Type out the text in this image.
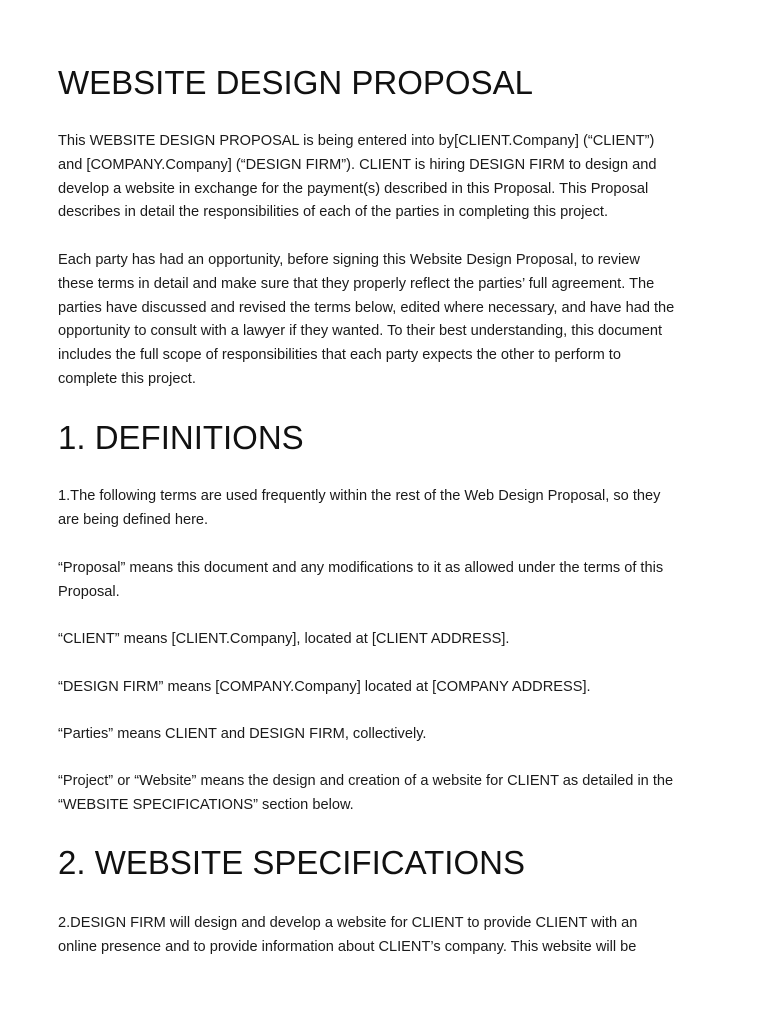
WEBSITE DESIGN PROPOSAL

This WEBSITE DESIGN PROPOSAL is being entered into by[CLIENT.Company] (“CLIENT”)
and [COMPANY.Company] (“DESIGN FIRM”). CLIENT is hiring DESIGN FIRM to design and
develop a website in exchange for the payment(s) described in this Proposal. This Proposal
describes in detail the responsibilities of each of the parties in completing this project.

Each party has had an opportunity, before signing this Website Design Proposal, to review
these terms in detail and make sure that they properly reflect the parties’ full agreement. The
parties have discussed and revised the terms below, edited where necessary, and have had the
opportunity to consult with a lawyer if they wanted. To their best understanding, this document
includes the full scope of responsibilities that each party expects the other to perform to
complete this project.

1. DEFINITIONS

1.The following terms are used frequently within the rest of the Web Design Proposal, so they
are being defined here.

“Proposal” means this document and any modifications to it as allowed under the terms of this
Proposal.

“CLIENT” means [CLIENT.Company], located at [CLIENT ADDRESS].

“DESIGN FIRM” means [COMPANY.Company] located at [COMPANY ADDRESS].

“Parties” means CLIENT and DESIGN FIRM, collectively.

“Project” or “Website” means the design and creation of a website for CLIENT as detailed in the
“WEBSITE SPECIFICATIONS” section below.

2. WEBSITE SPECIFICATIONS

2.DESIGN FIRM will design and develop a website for CLIENT to provide CLIENT with an
online presence and to provide information about CLIENT’s company. This website will be
